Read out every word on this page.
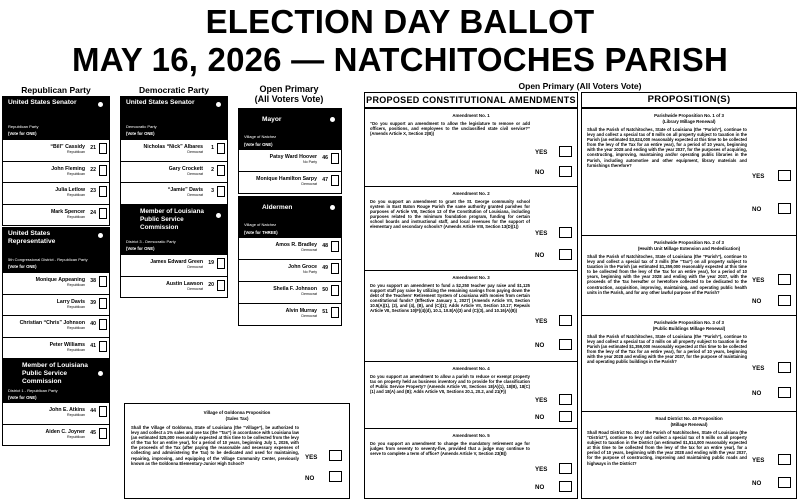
ELECTION DAY BALLOT
MAY 16, 2026 — NATCHITOCHES PARISH
Republican Party
United States Senator
Republican Party
(Vote for ONE)
“Bill” Cassidy
Republican
21
John Fleming
Republican
22
Julia Letlow
Republican
23
Mark Spencer
Republican
24
United States Representative
5th Congressional District - Republican Party
(Vote for ONE)
Monique Appeaning
Republican
38
Larry Davis
Republican
39
Christian “Chris” Johnson
Republican
40
Peter Williams
Republican
41
Member of Louisiana Public Service Commission
District 1 - Republican Party
(Vote for ONE)
John E. Atkins
Republican
44
Aiden C. Joyner
Republican
45
Democratic Party
United States Senator
Democratic Party
(Vote for ONE)
Nicholas “Nick” Albares
Democrat
1
Gary Crockett
Democrat
2
“Jamie” Davis
Democrat
3
Member of Louisiana Public Service Commission
District 3 - Democratic Party
(Vote for ONE)
James Edward Green
Democrat
19
Austin Lawson
Democrat
20
Open Primary
(All Voters Vote)
Mayor
Village of Natchez
(Vote for ONE)
Patsy Ward Hoover
No Party
46
Monique Hamilton Sarpy
Democrat
47
Aldermen
Village of Natchez
(Vote for THREE)
Amos R. Bradley
Democrat
48
John Groce
No Party
49
Sheila F. Johnson
Democrat
50
Alvin Murray
Democrat
51
Village of Goldonna Proposition
(Sales Tax)
Shall the Village of Goldonna, State of Louisiana (the “Village”), be authorized to levy and collect a 1% sales and use tax (the “Tax”) in accordance with Louisiana law (an estimated $25,000 reasonably expected at this time to be collected from the levy of the Tax for an entire year), for a period of 10 years, beginning July 1, 2026, with the proceeds of the Tax (after paying the reasonable and necessary expenses of collecting and administering the Tax) to be dedicated and used for maintaining, repairing, improving, and equipping of the Village Community Center, previously known as the Goldonna Elementary-Junior High School?
YES
NO
Open Primary (All Voters Vote)
PROPOSED CONSTITUTIONAL AMENDMENTS
Amendment No. 1
“Do you support an amendment to allow the legislature to remove or add officers, positions, and employees to the unclassified state civil service?” (Amends Article X, Section 2(B))
YES
NO
Amendment No. 2
Do you support an amendment to grant the St. George community school system in East Baton Rouge Parish the same authority granted parishes for purposes of Article VIII, Section 13 of the Constitution of Louisiana, including purposes related to the minimum foundation program, funding for certain school boards and instructional staff, and local revenues for the support of elementary and secondary schools? (Amends Article VIII, Section 13(D)(1))
YES
NO
Amendment No. 3
Do you support an amendment to fund a $2,250 teacher pay raise and $1,125 support staff pay raise by utilizing the remaining savings from paying down the debt of the Teachers' Retirement System of Louisiana with monies from certain constitutional funds? (Effective January 1, 2027) (Amends Article VII, Section 10.5(A)(1), (2), and (4), (B), and (C)(1); Adds Article VII, Section 10.17; Repeals Article VII, Sections 10(F)(4)(d), 10.1, 10.8(A)(3) and (C)(3), and 10.16(A)(8))
YES
NO
Amendment No. 4
Do you support an amendment to allow a parish to reduce or exempt property tax on property held as business inventory and to provide for the classification of Public Service Property? (Amends Article VII, Sections 18(A)(1), 18(B), 18(C)(1) and 18(A) and (B); Adds Article VII, Sections 20.1, 20.2, and 21(F))
YES
NO
Amendment No. 5
Do you support an amendment to change the mandatory retirement age for judges from seventy to seventy-five, provided that a judge may continue to serve to complete a term of office? (Amends Article V, Section 23(B))
YES
NO
PROPOSITION(S)
Parishwide Proposition No. 1 of 3
(Library Millage Renewal)
Shall the Parish of Natchitoches, State of Louisiana (the “Parish”), continue to levy and collect a special tax of 8 mills on all property subject to taxation in the Parish (an estimated $3,624,000 reasonably expected at this time to be collected from the levy of the Tax for an entire year), for a period of 10 years, beginning with the year 2028 and ending with the year 2037, for the purposes of acquiring, constructing, improving, maintaining and/or operating public libraries in the Parish, including automotive and other equipment, library materials and furnishings therefore?
YES
NO
Parishwide Proposition No. 2 of 3
(Health Unit Millage Extension and Rededication)
Shall the Parish of Natchitoches, State of Louisiana (the “Parish”), continue to levy and collect a special tax of 3 mills (the “Tax”) on all property subject to taxation in the Parish (an estimated $1,359,000 reasonably expected at this time to be collected from the levy of the Tax for an entire year), for a period of 10 years, beginning with the year 2028 and ending with the year 2037, with the proceeds of the Tax hereafter or heretofore collected to be dedicated to the construction, acquisition, improving, maintaining, and operating public health units in the Parish, and for any other lawful purpose of the Parish?
YES
NO
Parishwide Proposition No. 3 of 3
(Public Buildings Millage Renewal)
Shall the Parish of Natchitoches, State of Louisiana (the “Parish”), continue to levy and collect a special tax of 3 mills on all property subject to taxation in the Parish (an estimated $1,359,000 reasonably expected at this time to be collected from the levy of the Tax for an entire year), for a period of 10 years, beginning with the year 2028 and ending with the year 2037, for the purpose of maintaining and operating public buildings in the Parish?
YES
NO
Road District No. 40 Proposition
(Millage Renewal)
Shall Road District No. 40 of the Parish of Natchitoches, State of Louisiana (the “District”), continue to levy and collect a special tax of 5 mills on all property subject to taxation in the District (an estimated $1,514,000 reasonably expected at this time to be collected from the levy of the tax for an entire year), for a period of 10 years, beginning with the year 2028 and ending with the year 2037, for the purpose of constructing, improving and maintaining public roads and highways in the District?	YES
NO
